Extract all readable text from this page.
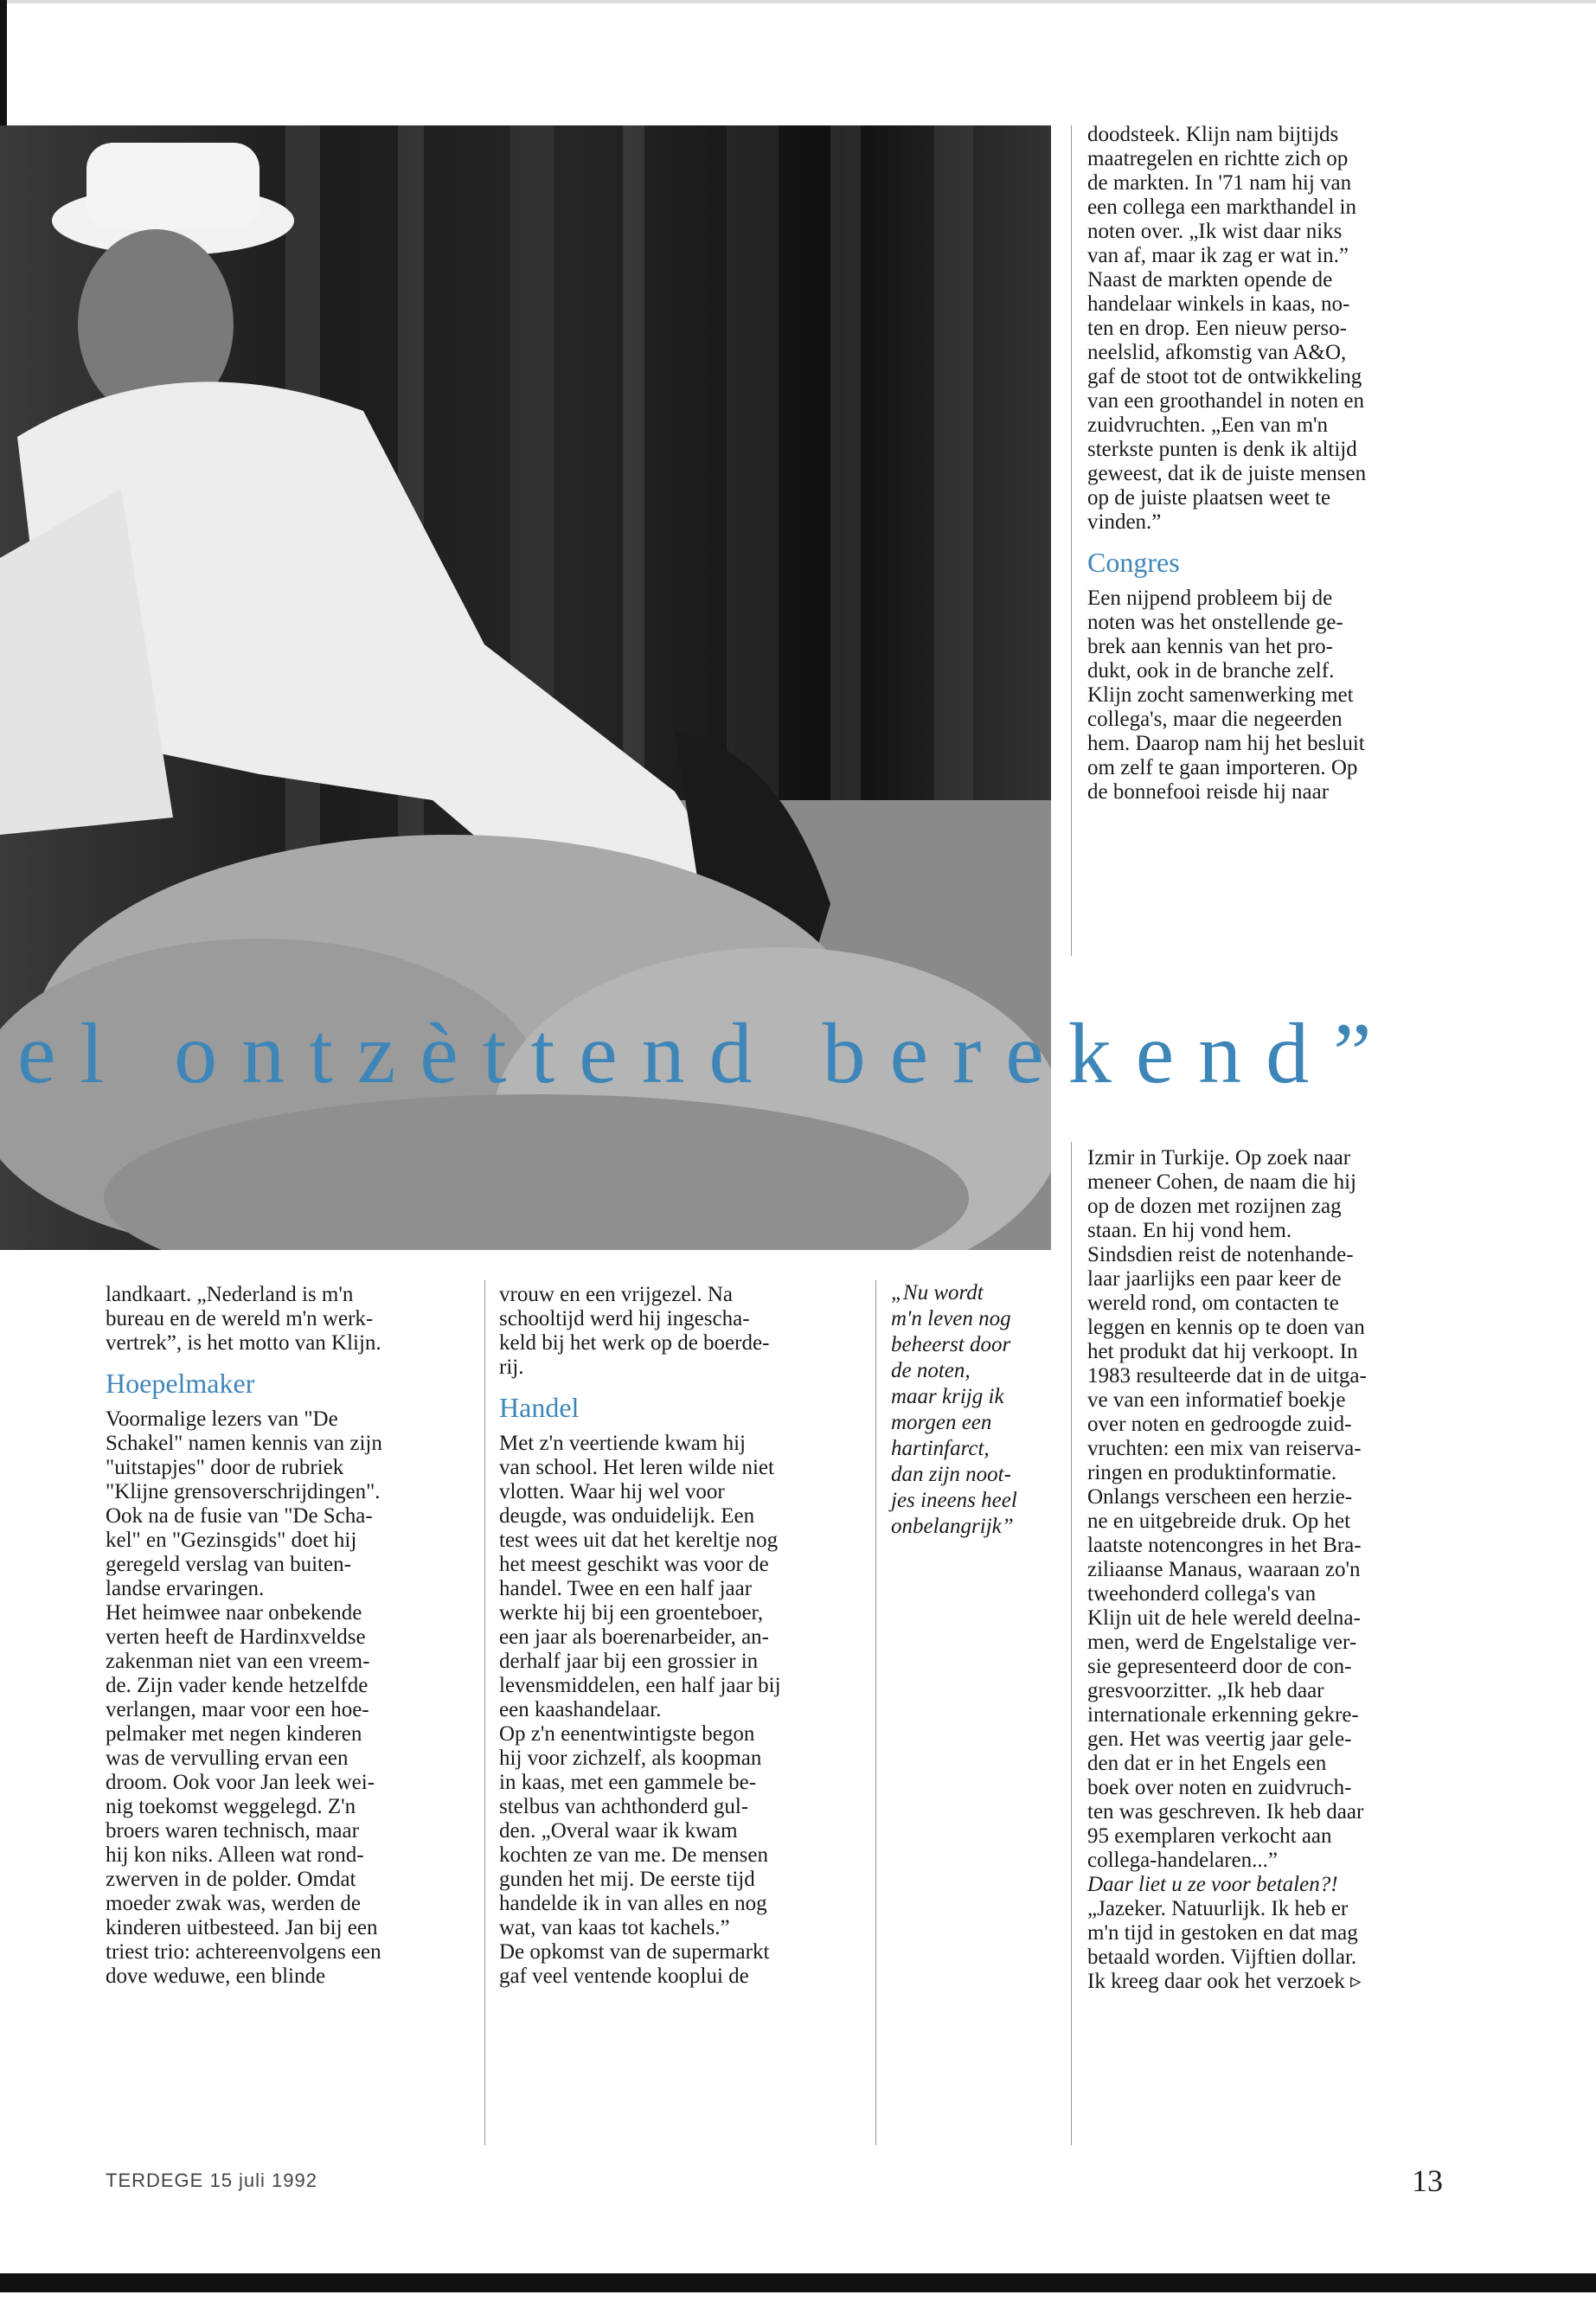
el ontzèttend berekend”
doodsteek. Klijn nam bijtijds
maatregelen en richtte zich op
de markten. In '71 nam hij van
een collega een markthandel in
noten over. „Ik wist daar niks
van af, maar ik zag er wat in.”
Naast de markten opende de
handelaar winkels in kaas, no-
ten en drop. Een nieuw perso-
neelslid, afkomstig van A&O,
gaf de stoot tot de ontwikkeling
van een groothandel in noten en
zuidvruchten. „Een van m'n
sterkste punten is denk ik altijd
geweest, dat ik de juiste mensen
op de juiste plaatsen weet te
vinden.”
Congres
Een nijpend probleem bij de
noten was het onstellende ge-
brek aan kennis van het pro-
dukt, ook in de branche zelf.
Klijn zocht samenwerking met
collega's, maar die negeerden
hem. Daarop nam hij het besluit
om zelf te gaan importeren. Op
de bonnefooi reisde hij naar
Izmir in Turkije. Op zoek naar
meneer Cohen, de naam die hij
op de dozen met rozijnen zag
staan. En hij vond hem.
Sindsdien reist de notenhande-
laar jaarlijks een paar keer de
wereld rond, om contacten te
leggen en kennis op te doen van
het produkt dat hij verkoopt. In
1983 resulteerde dat in de uitga-
ve van een informatief boekje
over noten en gedroogde zuid-
vruchten: een mix van reiserva-
ringen en produktinformatie.
Onlangs verscheen een herzie-
ne en uitgebreide druk. Op het
laatste notencongres in het Bra-
ziliaanse Manaus, waaraan zo'n
tweehonderd collega's van
Klijn uit de hele wereld deelna-
men, werd de Engelstalige ver-
sie gepresenteerd door de con-
gresvoorzitter. „Ik heb daar
internationale erkenning gekre-
gen. Het was veertig jaar gele-
den dat er in het Engels een
boek over noten en zuidvruch-
ten was geschreven. Ik heb daar
95 exemplaren verkocht aan
collega-handelaren...”
Daar liet u ze voor betalen?!
„Jazeker. Natuurlijk. Ik heb er
m'n tijd in gestoken en dat mag
betaald worden. Vijftien dollar.
Ik kreeg daar ook het verzoek ▹
landkaart. „Nederland is m'n
bureau en de wereld m'n werk-
vertrek”, is het motto van Klijn.
Hoepelmaker
Voormalige lezers van "De
Schakel" namen kennis van zijn
"uitstapjes" door de rubriek
"Klijne grensoverschrijdingen".
Ook na de fusie van "De Scha-
kel" en "Gezinsgids" doet hij
geregeld verslag van buiten-
landse ervaringen.
Het heimwee naar onbekende
verten heeft de Hardinxveldse
zakenman niet van een vreem-
de. Zijn vader kende hetzelfde
verlangen, maar voor een hoe-
pelmaker met negen kinderen
was de vervulling ervan een
droom. Ook voor Jan leek wei-
nig toekomst weggelegd. Z'n
broers waren technisch, maar
hij kon niks. Alleen wat rond-
zwerven in de polder. Omdat
moeder zwak was, werden de
kinderen uitbesteed. Jan bij een
triest trio: achtereenvolgens een
dove weduwe, een blinde
vrouw en een vrijgezel. Na
schooltijd werd hij ingescha-
keld bij het werk op de boerde-
rij.
Handel
Met z'n veertiende kwam hij
van school. Het leren wilde niet
vlotten. Waar hij wel voor
deugde, was onduidelijk. Een
test wees uit dat het kereltje nog
het meest geschikt was voor de
handel. Twee en een half jaar
werkte hij bij een groenteboer,
een jaar als boerenarbeider, an-
derhalf jaar bij een grossier in
levensmiddelen, een half jaar bij
een kaashandelaar.
Op z'n eenentwintigste begon
hij voor zichzelf, als koopman
in kaas, met een gammele be-
stelbus van achthonderd gul-
den. „Overal waar ik kwam
kochten ze van me. De mensen
gunden het mij. De eerste tijd
handelde ik in van alles en nog
wat, van kaas tot kachels.”
De opkomst van de supermarkt
gaf veel ventende kooplui de
„Nu wordt
m'n leven nog
beheerst door
de noten,
maar krijg ik
morgen een
hartinfarct,
dan zijn noot-
jes ineens heel
onbelangrijk”
TERDEGE 15 juli 1992	13
